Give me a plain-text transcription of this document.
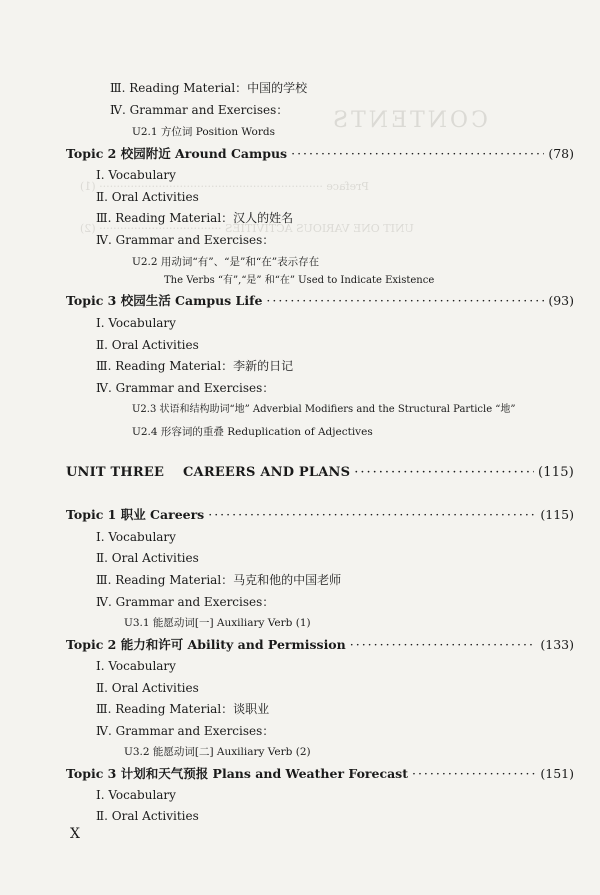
CONTENTS
Preface ································································ (1)
UNIT ONE VARIOUS ACTIVITIES ··································· (2)
Ⅲ. Reading Material：中国的学校
Ⅳ. Grammar and Exercises：
U2.1 方位词 Position Words
Topic 2 校园附近 Around Campus ·····	(78)
Ⅰ. Vocabulary
Ⅱ. Oral Activities
Ⅲ. Reading Material：汉人的姓名
Ⅳ. Grammar and Exercises：
U2.2 用动词“有”、“是”和“在”表示存在
The Verbs “有”,“是” 和“在” Used to Indicate Existence
Topic 3 校园生活 Campus Life ·····	(93)
Ⅰ. Vocabulary
Ⅱ. Oral Activities
Ⅲ. Reading Material：李新的日记
Ⅳ. Grammar and Exercises：
U2.3 状语和结构助词“地” Adverbial Modifiers and the Structural Particle “地”
U2.4 形容词的重叠 Reduplication of Adjectives
UNIT THREE    CAREERS AND PLANS ·····	(115)
Topic 1 职业 Careers ·····	(115)
Ⅰ. Vocabulary
Ⅱ. Oral Activities
Ⅲ. Reading Material：马克和他的中国老师
Ⅳ. Grammar and Exercises：
U3.1 能愿动词[一] Auxiliary Verb (1)
Topic 2 能力和许可 Ability and Permission ·····	(133)
Ⅰ. Vocabulary
Ⅱ. Oral Activities
Ⅲ. Reading Material：谈职业
Ⅳ. Grammar and Exercises：
U3.2 能愿动词[二] Auxiliary Verb (2)
Topic 3 计划和天气预报 Plans and Weather Forecast ·····	(151)
Ⅰ. Vocabulary
Ⅱ. Oral Activities
X
